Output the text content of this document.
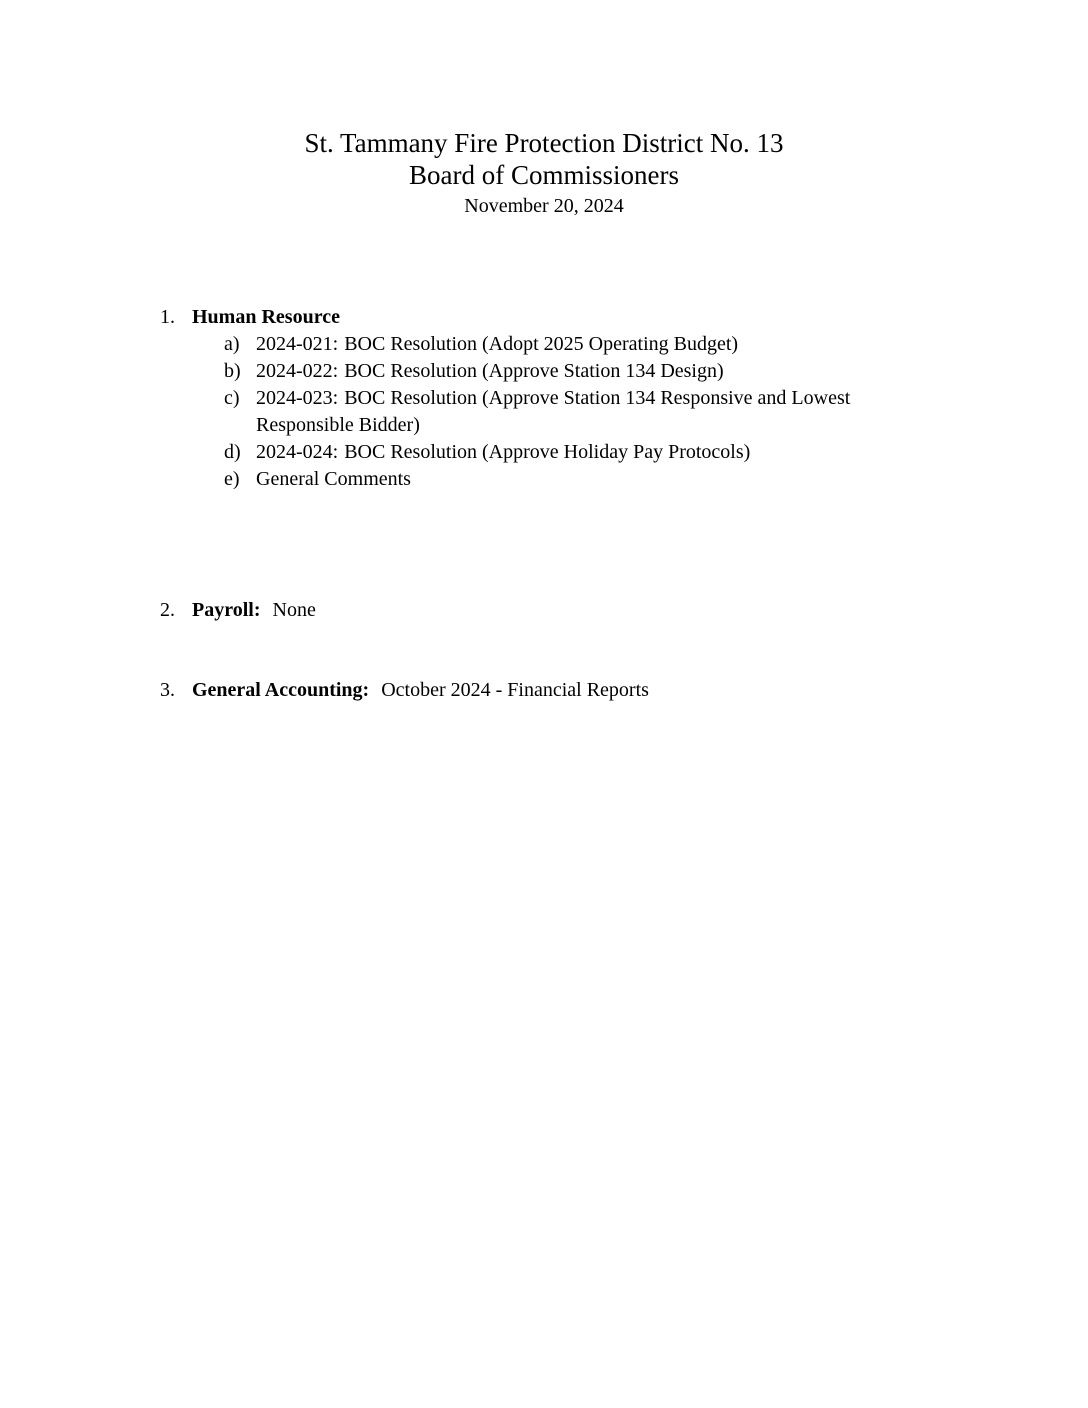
St. Tammany Fire Protection District No. 13
Board of Commissioners
November 20, 2024
1. Human Resource
a) 2024-021: BOC Resolution (Adopt 2025 Operating Budget)
b) 2024-022: BOC Resolution (Approve Station 134 Design)
c) 2024-023: BOC Resolution (Approve Station 134 Responsive and Lowest Responsible Bidder)
d) 2024-024: BOC Resolution (Approve Holiday Pay Protocols)
e) General Comments
2. Payroll: None
3. General Accounting: October 2024 - Financial Reports
